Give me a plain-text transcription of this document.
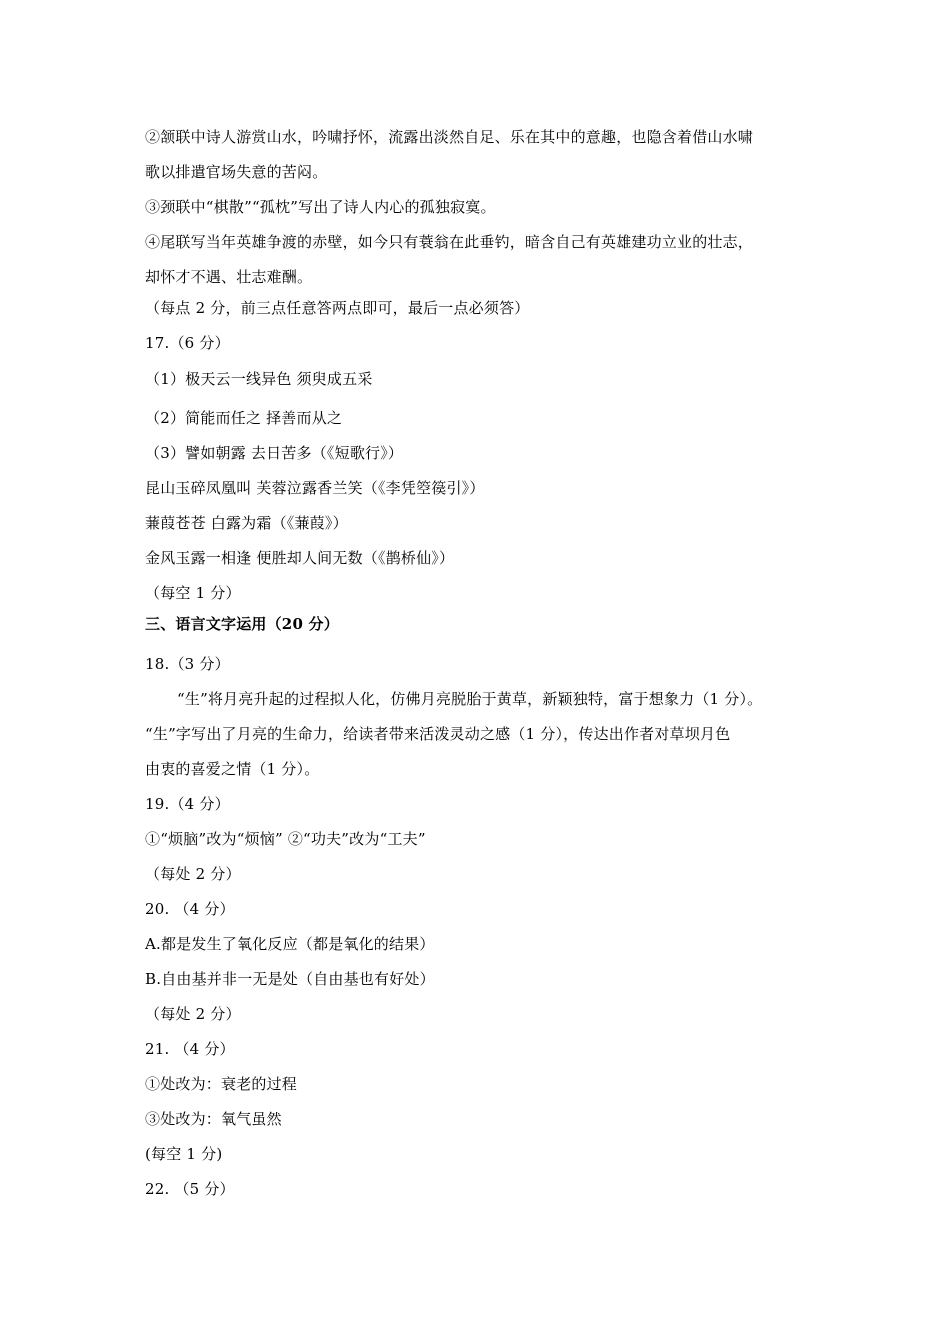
②颔联中诗人游赏山水，吟啸抒怀，流露出淡然自足、乐在其中的意趣，也隐含着借山水啸
歌以排遣官场失意的苦闷。
③颈联中“棋散”“孤枕”写出了诗人内心的孤独寂寞。
④尾联写当年英雄争渡的赤壁，如今只有蓑翁在此垂钓，暗含自己有英雄建功立业的壮志，
却怀才不遇、壮志难酬。
（每点 2 分，前三点任意答两点即可，最后一点必须答）
17.（6 分）
（1）极天云一线异色 须臾成五采
（2）简能而任之 择善而从之
（3）譬如朝露 去日苦多（《短歌行》）
昆山玉碎凤凰叫 芙蓉泣露香兰笑（《李凭箜篌引》）
蒹葭苍苍 白露为霜（《蒹葭》）
金风玉露一相逢 便胜却人间无数（《鹊桥仙》）
（每空 1 分）
三、语言文字运用（20 分）
18.（3 分）
“生”将月亮升起的过程拟人化，仿佛月亮脱胎于黄草，新颖独特，富于想象力（1 分）。
“生”字写出了月亮的生命力，给读者带来活泼灵动之感（1 分），传达出作者对草坝月色
由衷的喜爱之情（1 分）。
19.（4 分）
①“烦脑”改为“烦恼” ②“功夫”改为“工夫”
（每处 2 分）
20. （4 分）
A.都是发生了氧化反应（都是氧化的结果）
B.自由基并非一无是处（自由基也有好处）
（每处 2 分）
21. （4 分）
①处改为：衰老的过程
③处改为：氧气虽然
(每空 1 分)
22. （5 分）
